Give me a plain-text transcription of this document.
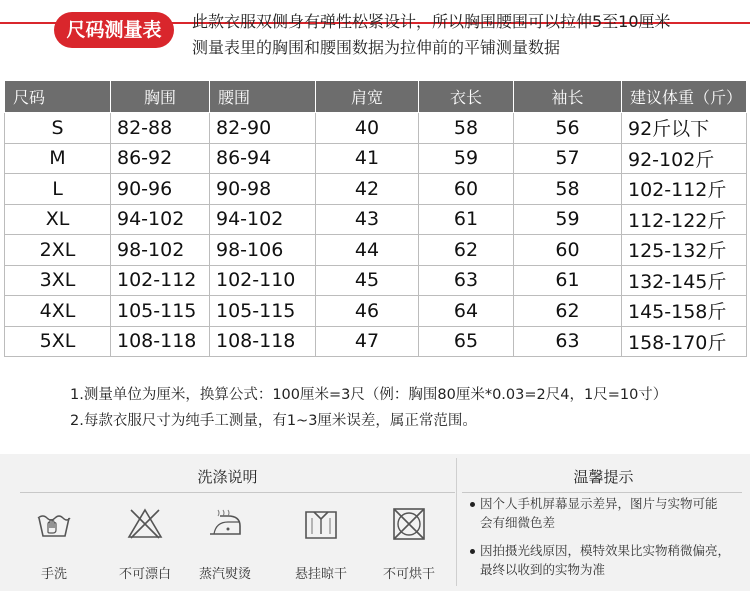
尺码测量表	此款衣服双侧身有弹性松紧设计，所以胸围腰围可以拉伸5至10厘米
测量表里的胸围和腰围数据为拉伸前的平铺测量数据
尺码	胸围	腰围	肩宽	衣长	袖长	建议体重（斤）
S	82-88	82-90	40	58	56	92斤以下
M	86-92	86-94	41	59	57	92-102斤
L	90-96	90-98	42	60	58	102-112斤
XL	94-102	94-102	43	61	59	112-122斤
2XL	98-102	98-106	44	62	60	125-132斤
3XL	102-112	102-110	45	63	61	132-145斤
4XL	105-115	105-115	46	64	62	145-158斤
5XL	108-118	108-118	47	65	63	158-170斤
1.测量单位为厘米，换算公式：100厘米=3尺（例：胸围80厘米*0.03=2尺4，1尺=10寸）
2.每款衣服尺寸为纯手工测量，有1~3厘米误差，属正常范围。
洗涤说明
手洗	不可漂白	蒸汽熨烫	悬挂晾干	不可烘干
温馨提示
因个人手机屏幕显示差异，图片与实物可能
会有细微色差
因拍摄光线原因，模特效果比实物稍微偏亮，
最终以收到的实物为准
